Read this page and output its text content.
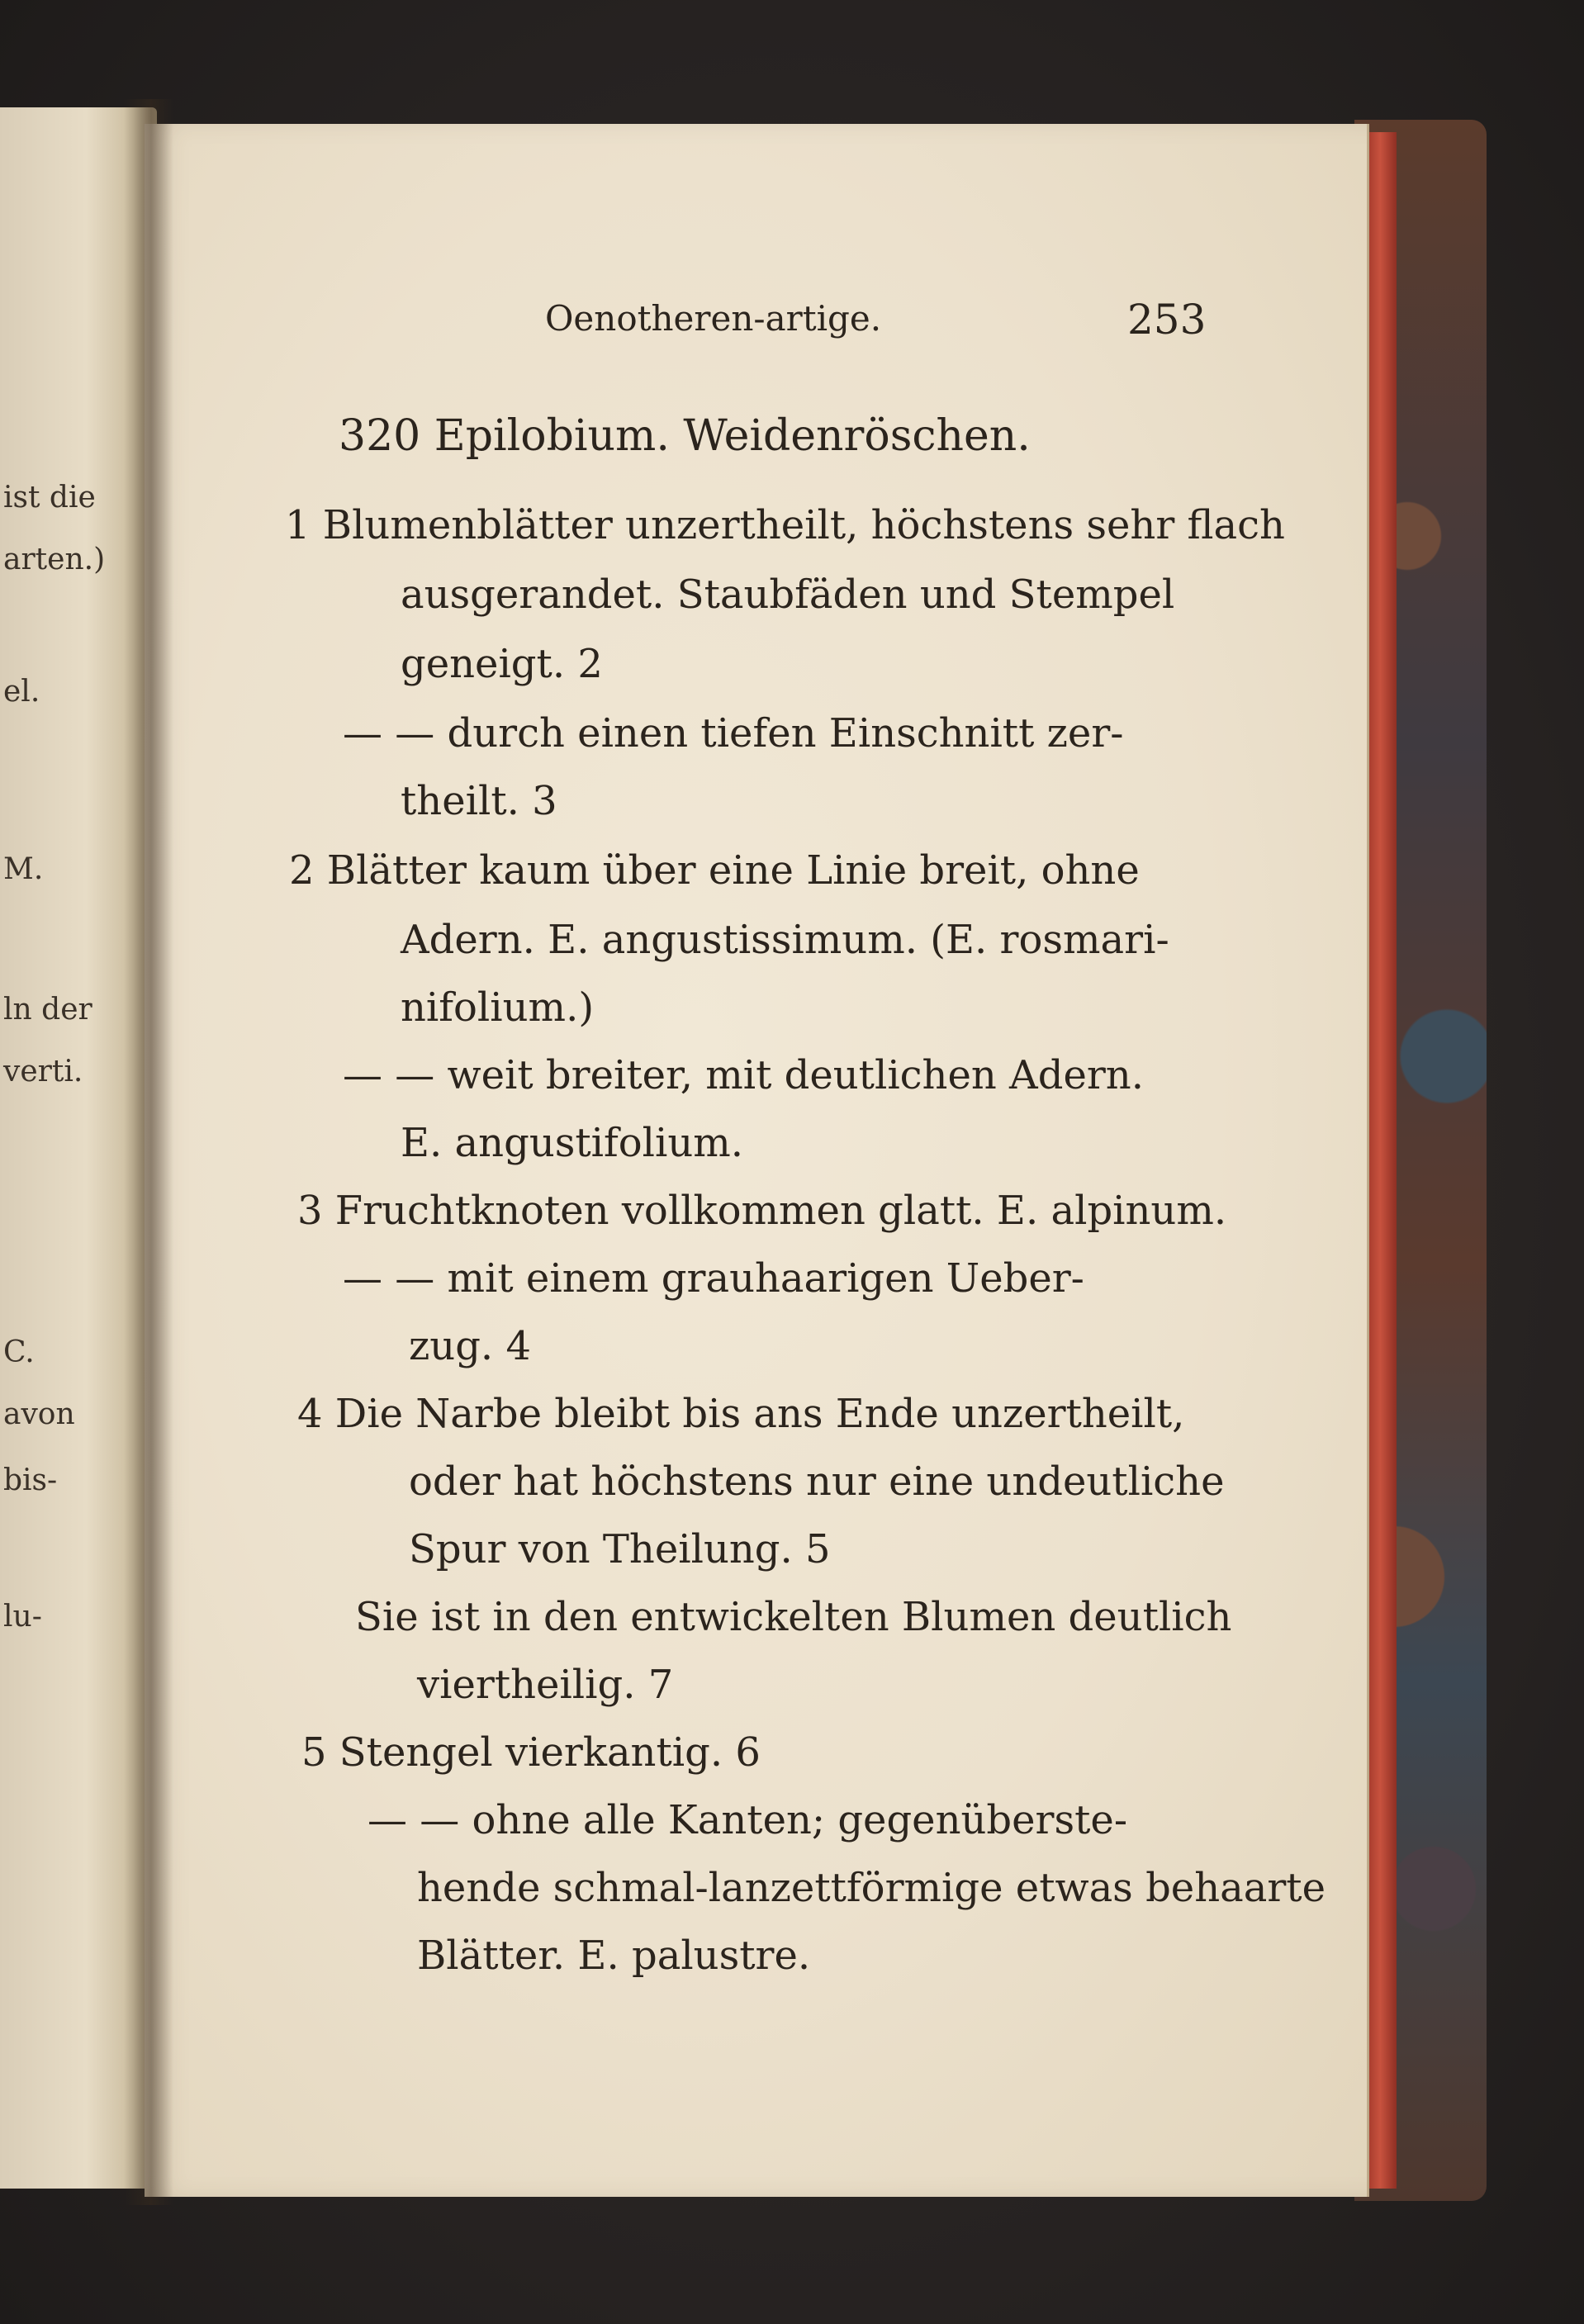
ist die
arten.)
el.
M.
ln der
verti.
C.
avon
bis-
lu-
Oenotheren-artige.	253
320 Epilobium. Weidenröschen.
1 Blumenblätter unzertheilt, höchstens sehr flach
ausgerandet. Staubfäden und Stempel
geneigt. 2
— — durch einen tiefen Einschnitt zer-
theilt. 3
2 Blätter kaum über eine Linie breit, ohne
Adern. E. angustissimum. (E. rosmari-
nifolium.)
— — weit breiter, mit deutlichen Adern.
E. angustifolium.
3 Fruchtknoten vollkommen glatt. E. alpinum.
— — mit einem grauhaarigen Ueber-
zug. 4
4 Die Narbe bleibt bis ans Ende unzertheilt,
oder hat höchstens nur eine undeutliche
Spur von Theilung. 5
Sie ist in den entwickelten Blumen deutlich
viertheilig. 7
5 Stengel vierkantig. 6
— — ohne alle Kanten; gegenüberste-
hende schmal-lanzettförmige etwas behaarte
Blätter. E. palustre.
